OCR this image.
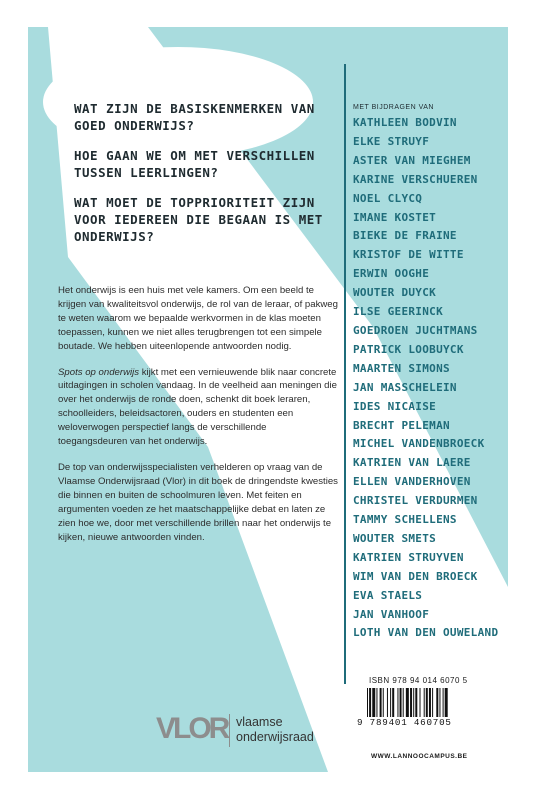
WAT ZIJN DE BASISKENMERKEN VAN GOED ONDERWIJS?
HOE GAAN WE OM MET VERSCHILLEN TUSSEN LEERLINGEN?
WAT MOET DE TOPPRIORITEIT ZIJN VOOR IEDEREEN DIE BEGAAN IS MET ONDERWIJS?

Het onderwijs is een huis met vele kamers. Om een beeld te krijgen van kwaliteitsvol onderwijs, de rol van de leraar, of pakweg te weten waarom we bepaalde werkvormen in de klas moeten toepassen, kunnen we niet alles terugbrengen tot een simpele boutade. We hebben uiteenlopende antwoorden nodig.

Spots op onderwijs kijkt met een vernieuwende blik naar concrete uitdagingen in scholen vandaag. In de veelheid aan meningen die over het onderwijs de ronde doen, schenkt dit boek leraren, schoolleiders, beleidsactoren, ouders en studenten een weloverwogen perspectief langs de verschillende toegangsdeuren van het onderwijs.

De top van onderwijsspecialisten verhelderen op vraag van de Vlaamse Onderwijsraad (Vlor) in dit boek de dringendste kwesties die binnen en buiten de schoolmuren leven. Met feiten en argumenten voeden ze het maatschappelijke debat en laten ze zien hoe we, door met verschillende brillen naar het onderwijs te kijken, nieuwe antwoorden vinden.

MET BIJDRAGEN VAN
KATHLEEN BODVIN
ELKE STRUYF
ASTER VAN MIEGHEM
KARINE VERSCHUEREN
NOEL CLYCQ
IMANE KOSTET
BIEKE DE FRAINE
KRISTOF DE WITTE
ERWIN OOGHE
WOUTER DUYCK
ILSE GEERINCK
GOEDROEN JUCHTMANS
PATRICK LOOBUYCK
MAARTEN SIMONS
JAN MASSCHELEIN
IDES NICAISE
BRECHT PELEMAN
MICHEL VANDENBROECK
KATRIEN VAN LAERE
ELLEN VANDERHOVEN
CHRISTEL VERDURMEN
TAMMY SCHELLENS
WOUTER SMETS
KATRIEN STRUYVEN
WIM VAN DEN BROECK
EVA STAELS
JAN VANHOOF
LOTH VAN DEN OUWELAND
ISBN 978 94 014 6070 5
9 789401 460705
WWW.LANNOOCAMPUS.BE
VLOR vlaamse
onderwijsraad
